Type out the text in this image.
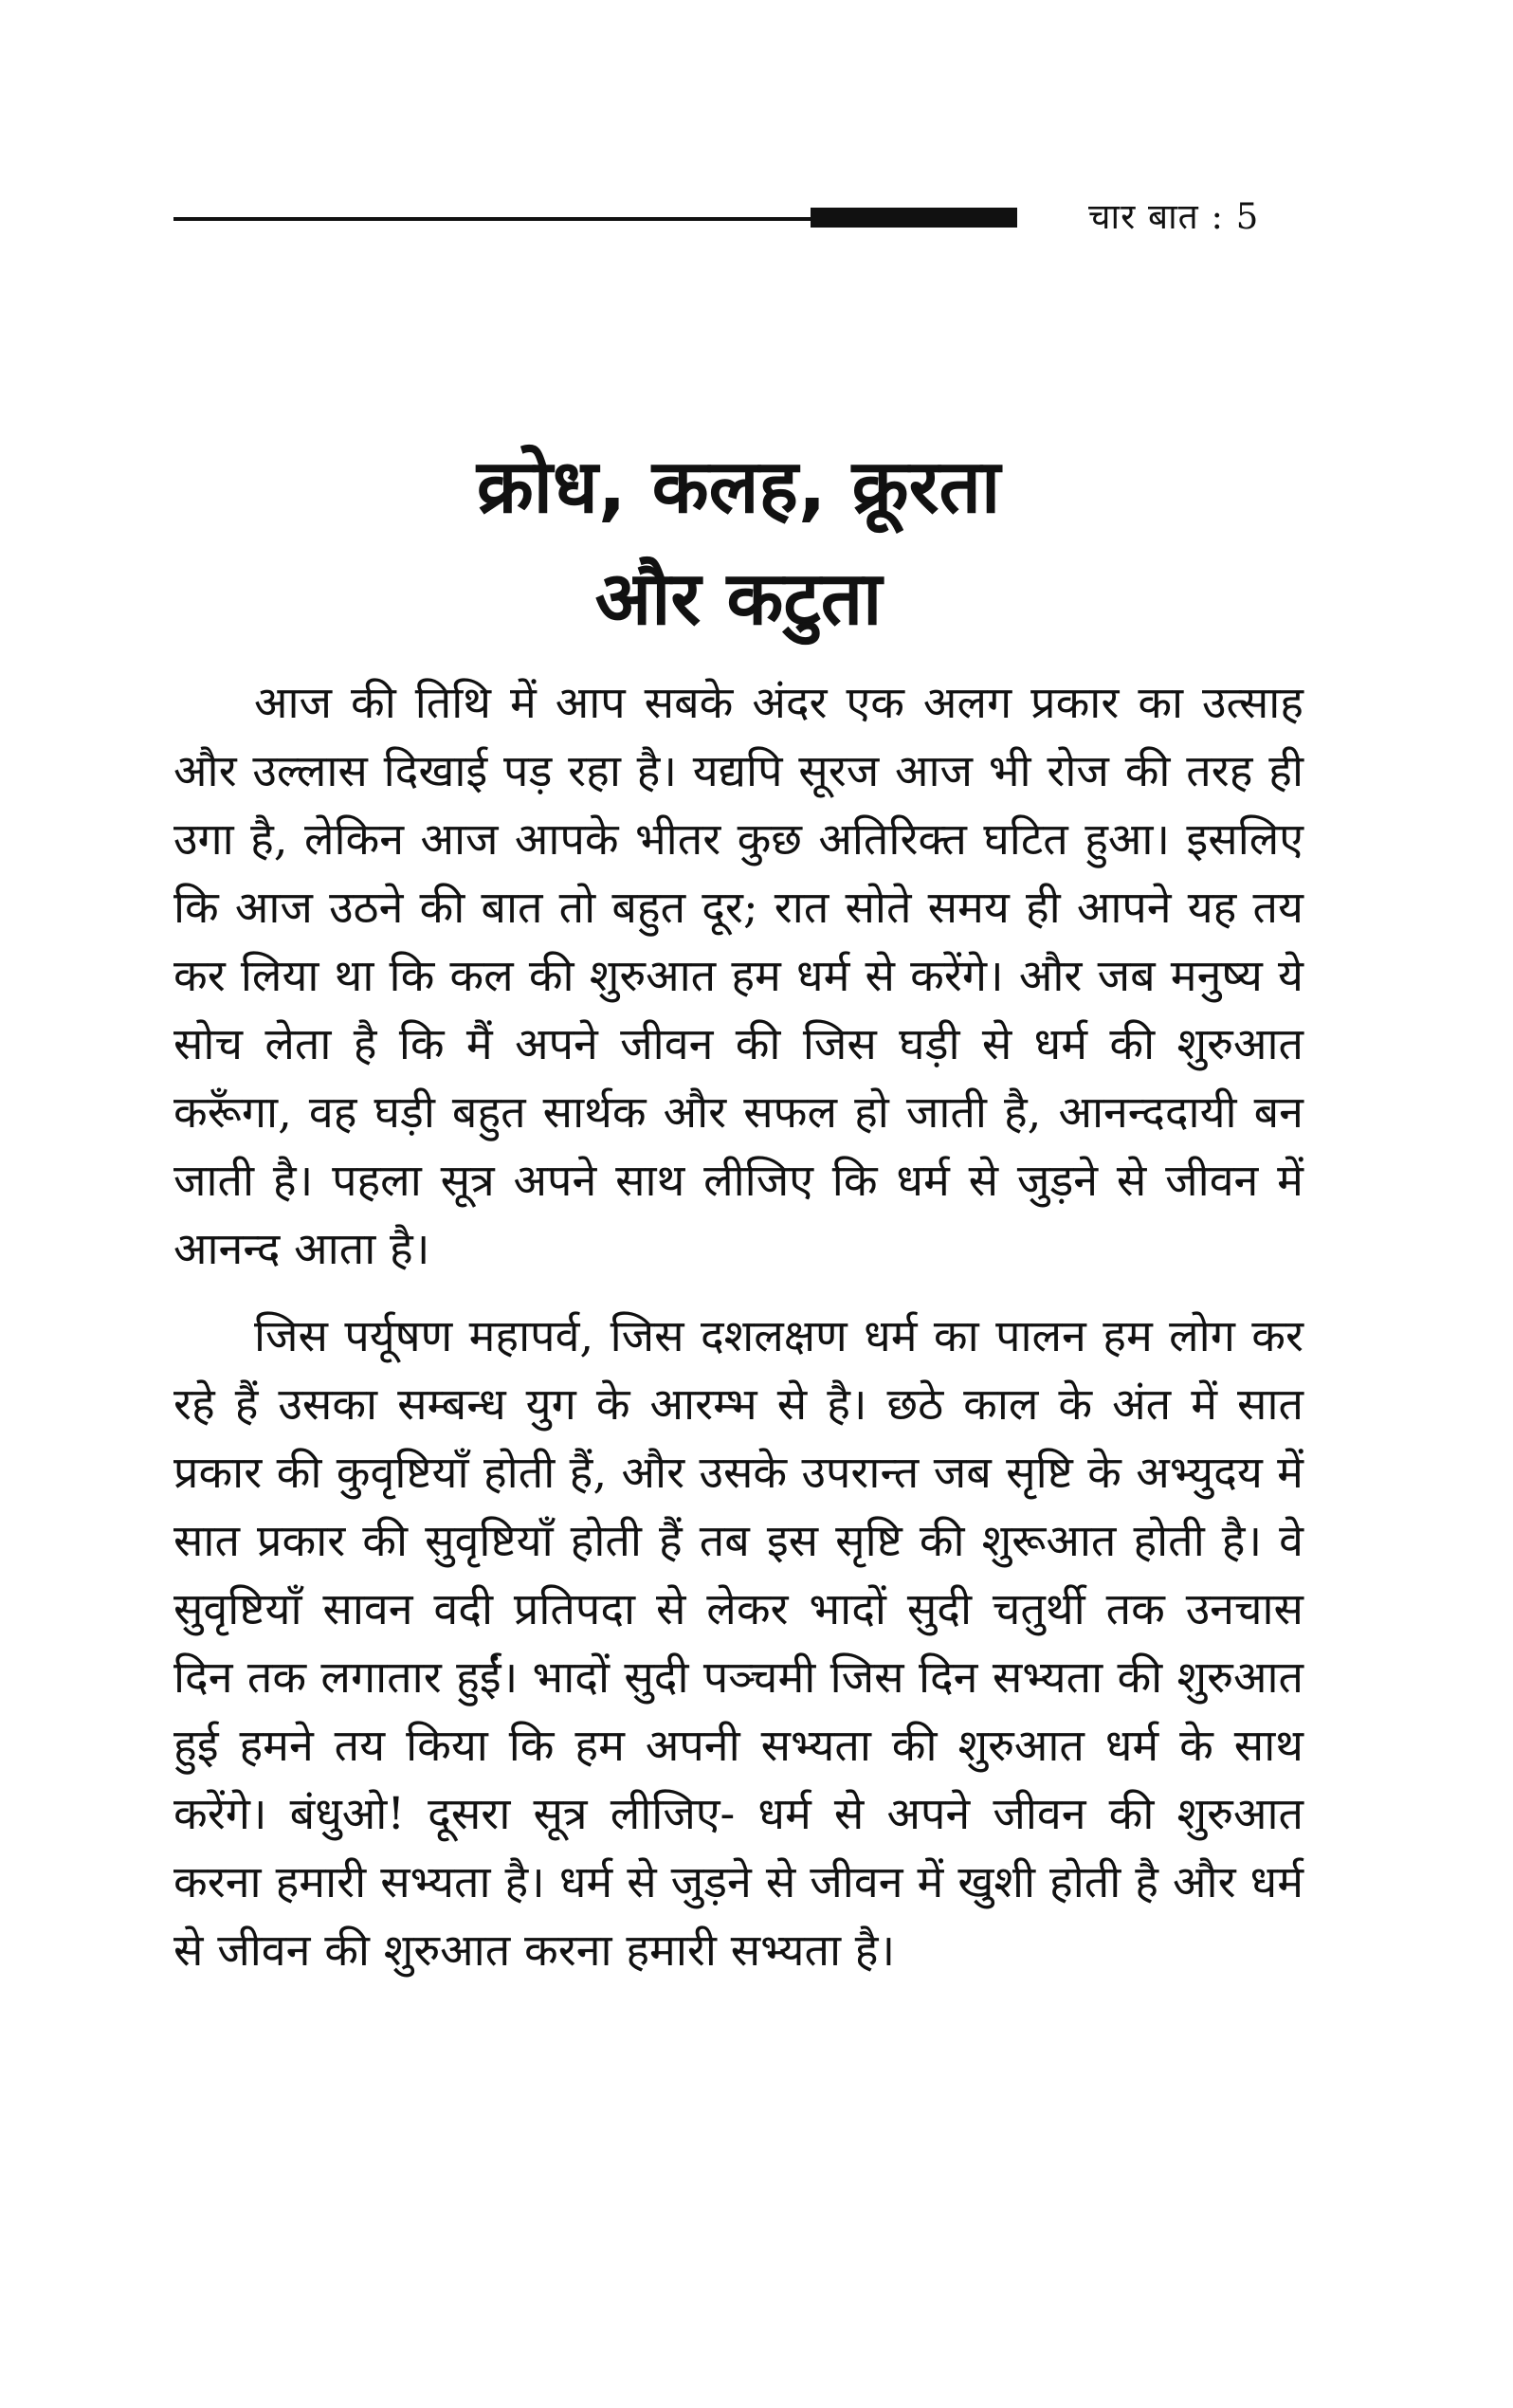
चार बात : 5
क्रोध, कलह, क्रूरता
और कटुता

आज की तिथि में आप सबके अंदर एक अलग प्रकार का उत्साह और उल्लास दिखाई पड़ रहा है। यद्यपि सूरज आज भी रोज की तरह ही उगा है, लेकिन आज आपके भीतर कुछ अतिरिक्त घटित हुआ। इसलिए कि आज उठने की बात तो बहुत दूर; रात सोते समय ही आपने यह तय कर लिया था कि कल की शुरुआत हम धर्म से करेंगे। और जब मनुष्य ये सोच लेता है कि मैं अपने जीवन की जिस घड़ी से धर्म की शुरुआत करूँगा, वह घड़ी बहुत सार्थक और सफल हो जाती है, आनन्ददायी बन जाती है। पहला सूत्र अपने साथ लीजिए कि धर्म से जुड़ने से जीवन में आनन्द आता है।

जिस पर्यूषण महापर्व, जिस दशलक्षण धर्म का पालन हम लोग कर रहे हैं उसका सम्बन्ध युग के आरम्भ से है। छठे काल के अंत में सात प्रकार की कुवृष्टियाँ होती हैं, और उसके उपरान्त जब सृष्टि के अभ्युदय में सात प्रकार की सुवृष्टियाँ होती हैं तब इस सृष्टि की शुरूआत होती है। वे सुवृष्टियाँ सावन वदी प्रतिपदा से लेकर भादों सुदी चतुर्थी तक उनचास दिन तक लगातार हुईं। भादों सुदी पञ्चमी जिस दिन सभ्यता की शुरुआत हुई हमने तय किया कि हम अपनी सभ्यता की शुरुआत धर्म के साथ करेंगे। बंधुओ! दूसरा सूत्र लीजिए- धर्म से अपने जीवन की शुरुआत करना हमारी सभ्यता है। धर्म से जुड़ने से जीवन में खुशी होती है और धर्म से जीवन की शुरुआत करना हमारी सभ्यता है।
